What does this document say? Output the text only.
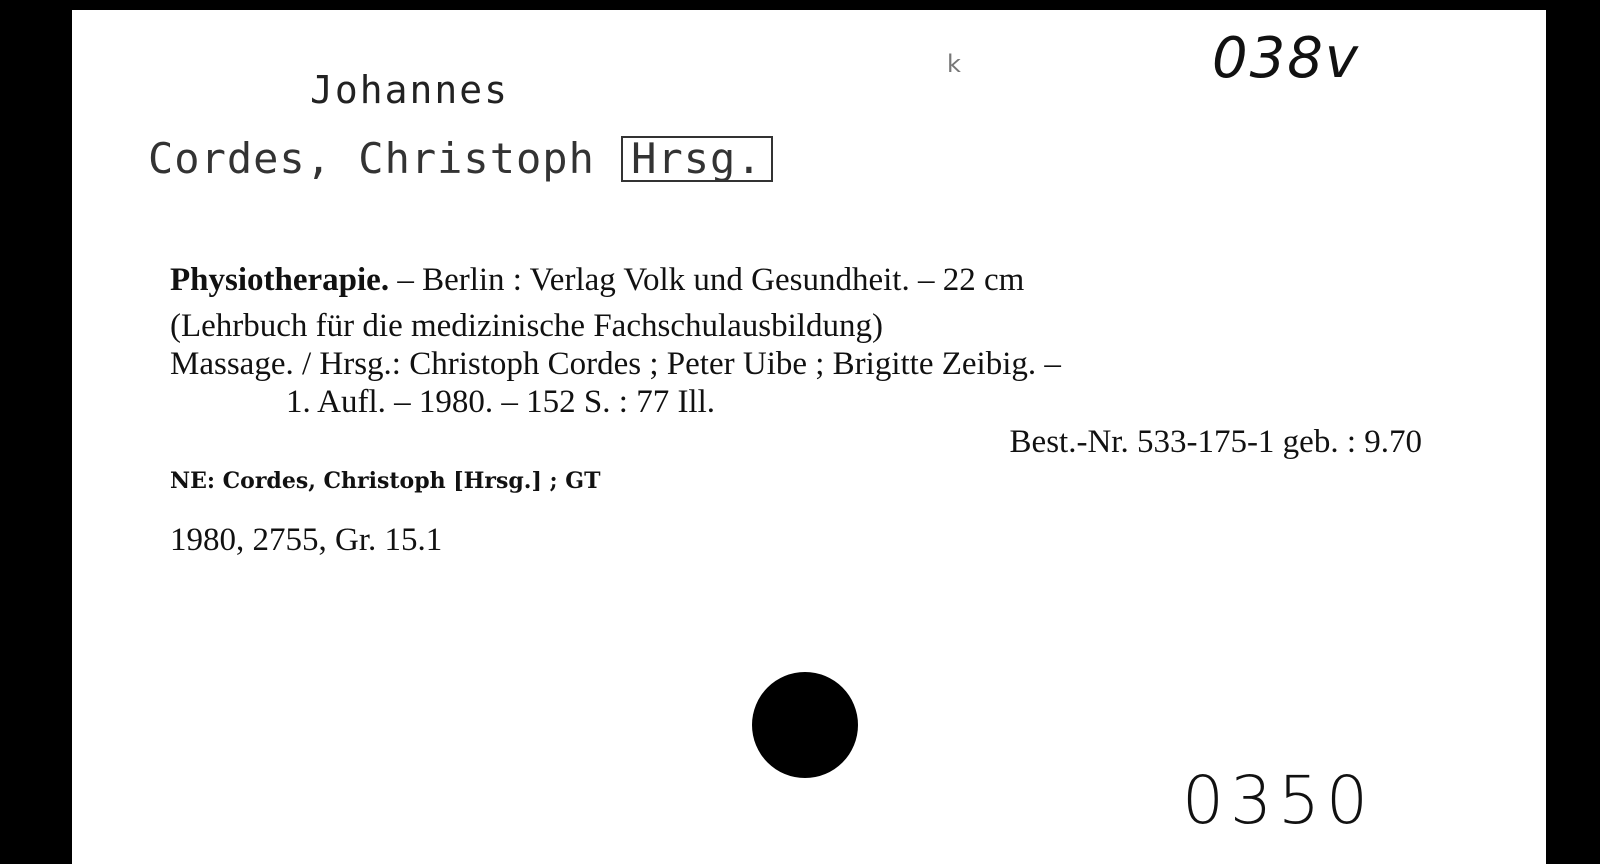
Johannes
Cordes, Christoph Hrsg.
k	038v
Physiotherapie. – Berlin : Verlag Volk und Gesundheit. – 22 cm
(Lehrbuch für die medizinische Fachschulausbildung)
Massage. / Hrsg.: Christoph Cordes ; Peter Uibe ; Brigitte Zeibig. –
1. Aufl. – 1980. – 152 S. : 77 Ill.
Best.-Nr. 533-175-1 geb. : 9.70
NE: Cordes, Christoph [Hrsg.] ; GT
1980, 2755, Gr. 15.1
0350
